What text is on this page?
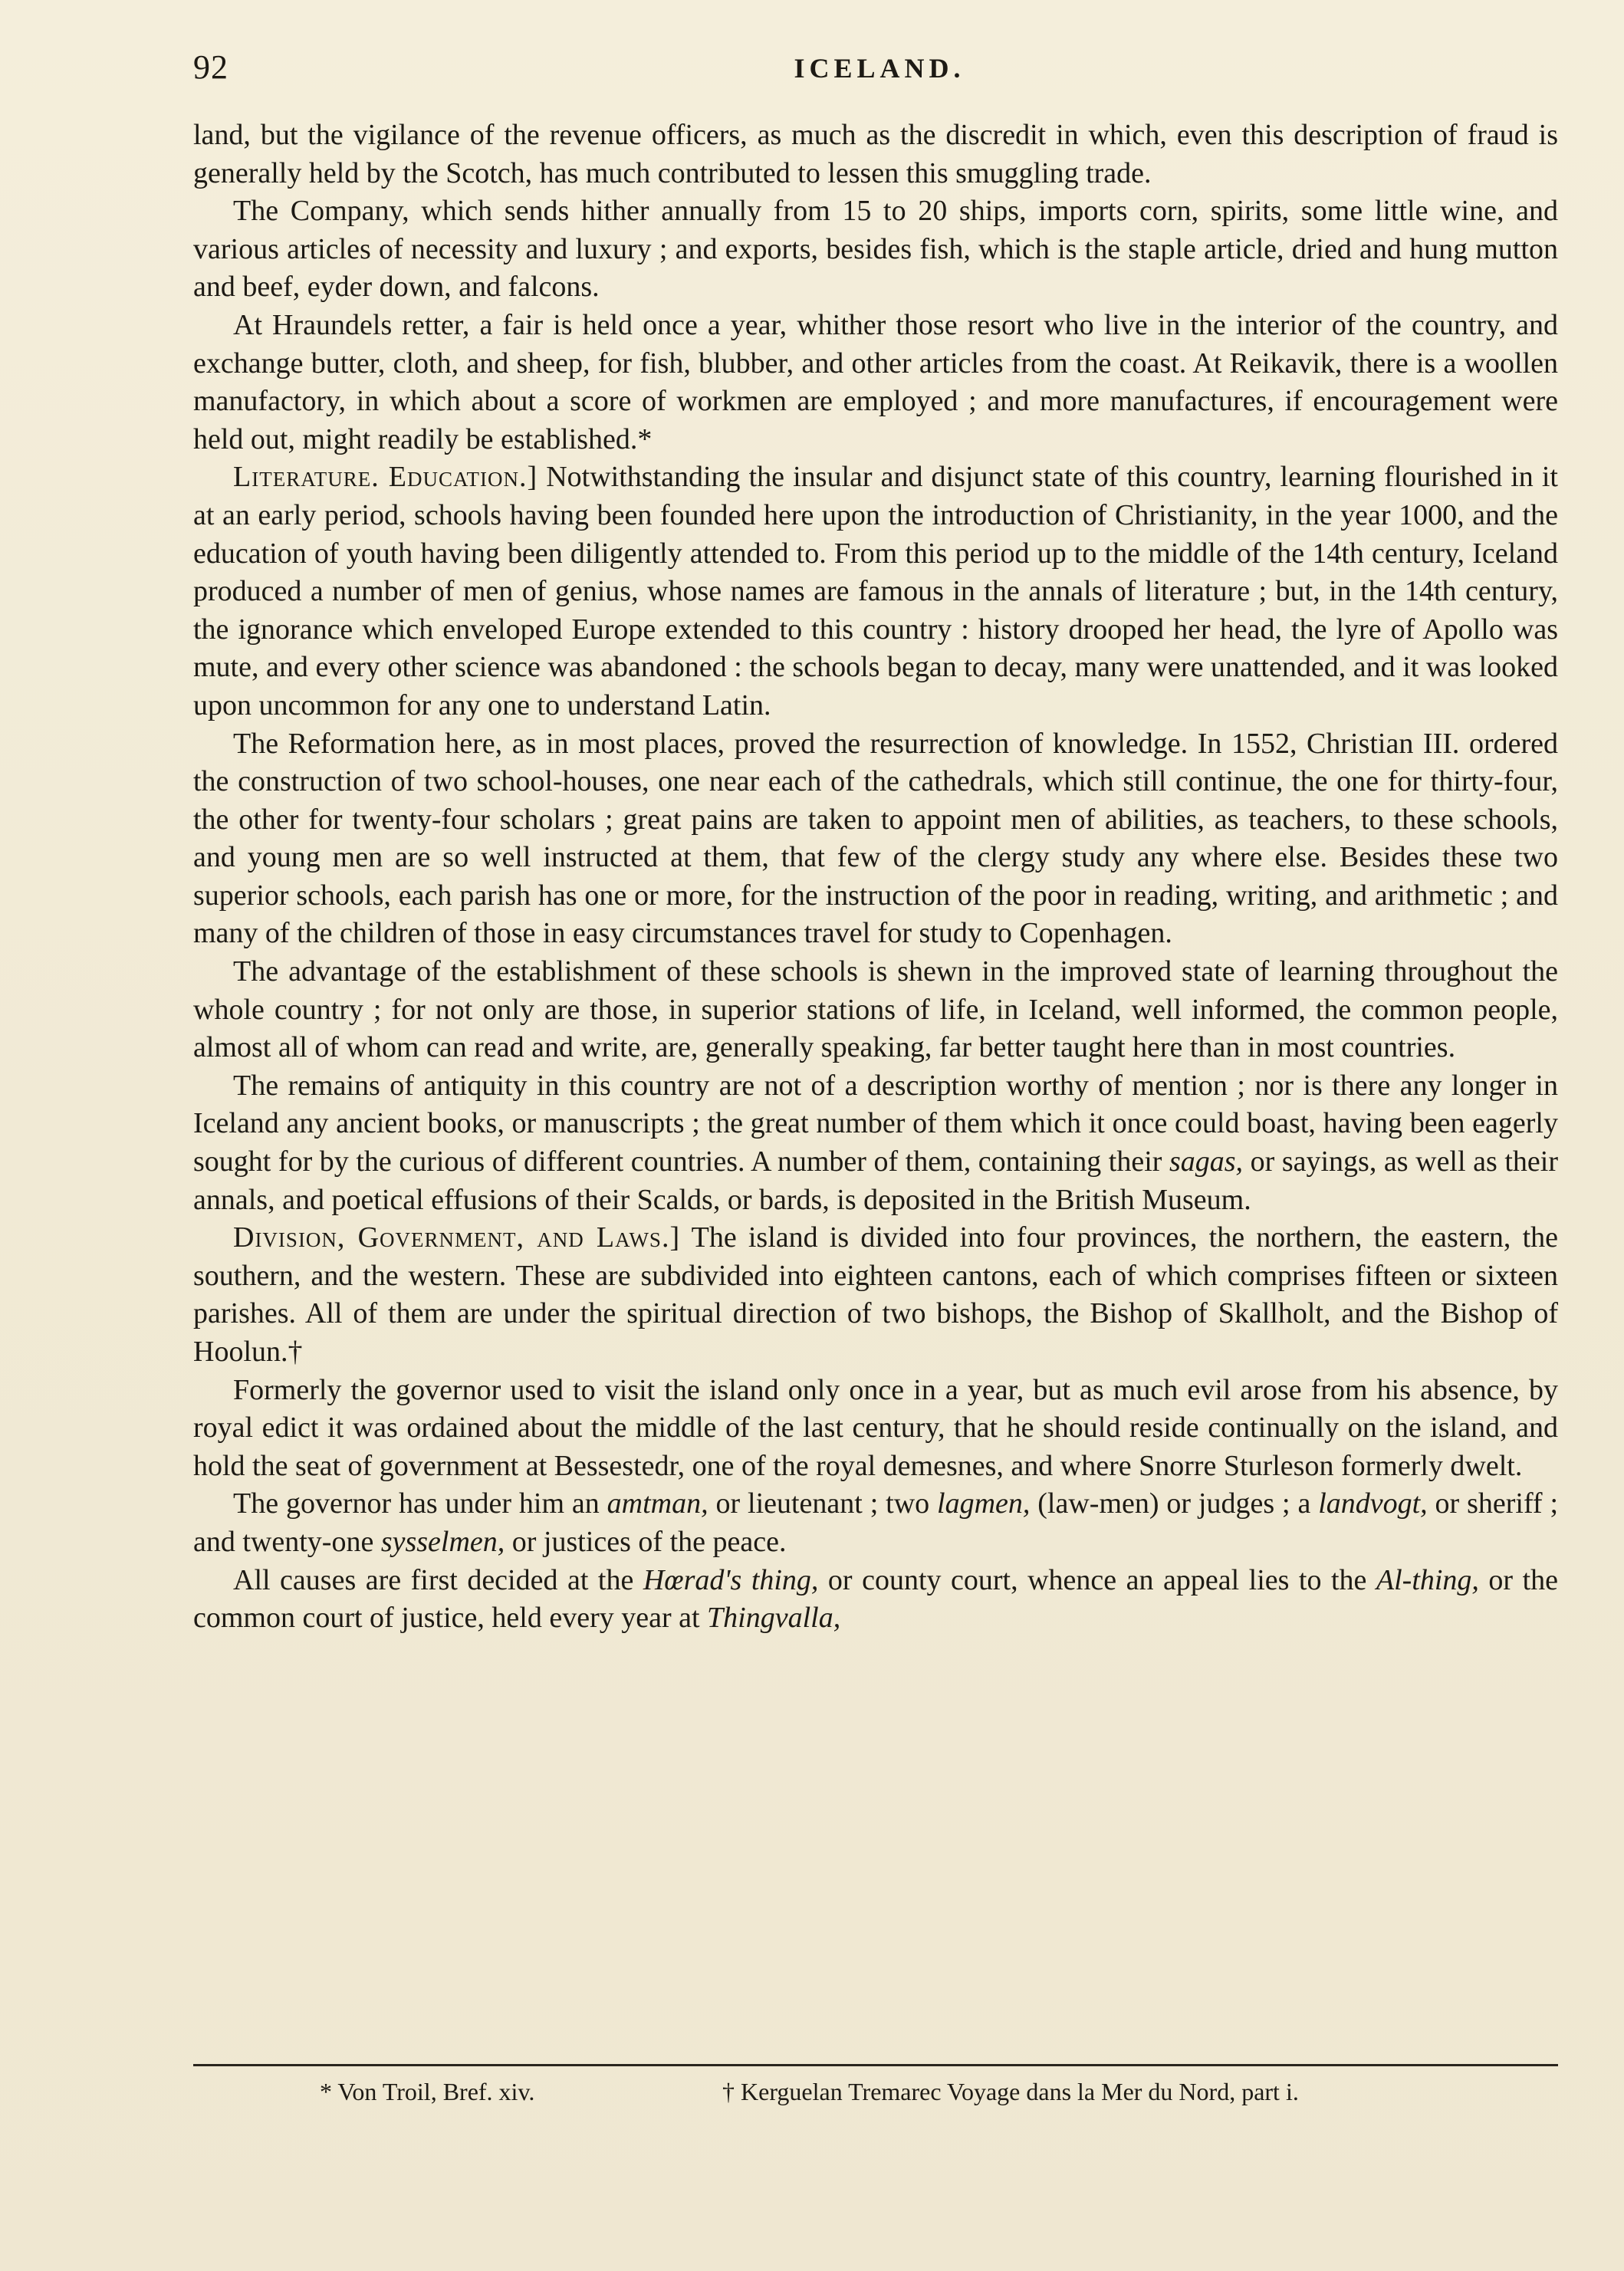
92	ICELAND.

land, but the vigilance of the revenue officers, as much as the discredit in which, even this description of fraud is generally held by the Scotch, has much contributed to lessen this smuggling trade.

The Company, which sends hither annually from 15 to 20 ships, imports corn, spirits, some little wine, and various articles of necessity and luxury ; and exports, besides fish, which is the staple article, dried and hung mutton and beef, eyder down, and falcons.

At Hraundels retter, a fair is held once a year, whither those resort who live in the interior of the country, and exchange butter, cloth, and sheep, for fish, blubber, and other articles from the coast. At Reikavik, there is a woollen manufactory, in which about a score of workmen are employed ; and more manufactures, if encouragement were held out, might readily be established.*

Literature. Education.] Notwithstanding the insular and disjunct state of this country, learning flourished in it at an early period, schools having been founded here upon the introduction of Christianity, in the year 1000, and the education of youth having been diligently attended to. From this period up to the middle of the 14th century, Iceland produced a number of men of genius, whose names are famous in the annals of literature ; but, in the 14th century, the ignorance which enveloped Europe extended to this country : history drooped her head, the lyre of Apollo was mute, and every other science was abandoned : the schools began to decay, many were unattended, and it was looked upon uncommon for any one to understand Latin.

The Reformation here, as in most places, proved the resurrection of knowledge. In 1552, Christian III. ordered the construction of two school-houses, one near each of the cathedrals, which still continue, the one for thirty-four, the other for twenty-four scholars ; great pains are taken to appoint men of abilities, as teachers, to these schools, and young men are so well instructed at them, that few of the clergy study any where else. Besides these two superior schools, each parish has one or more, for the instruction of the poor in reading, writing, and arithmetic ; and many of the children of those in easy circumstances travel for study to Copenhagen.

The advantage of the establishment of these schools is shewn in the improved state of learning throughout the whole country ; for not only are those, in superior stations of life, in Iceland, well informed, the common people, almost all of whom can read and write, are, generally speaking, far better taught here than in most countries.

The remains of antiquity in this country are not of a description worthy of mention ; nor is there any longer in Iceland any ancient books, or manuscripts ; the great number of them which it once could boast, having been eagerly sought for by the curious of different countries. A number of them, containing their sagas, or sayings, as well as their annals, and poetical effusions of their Scalds, or bards, is deposited in the British Museum.

Division, Government, and Laws.] The island is divided into four provinces, the northern, the eastern, the southern, and the western. These are subdivided into eighteen cantons, each of which comprises fifteen or sixteen parishes. All of them are under the spiritual direction of two bishops, the Bishop of Skallholt, and the Bishop of Hoolun.†

Formerly the governor used to visit the island only once in a year, but as much evil arose from his absence, by royal edict it was ordained about the middle of the last century, that he should reside continually on the island, and hold the seat of government at Bessestedr, one of the royal demesnes, and where Snorre Sturleson formerly dwelt.

The governor has under him an amtman, or lieutenant ; two lagmen, (law-men) or judges ; a landvogt, or sheriff ; and twenty-one sysselmen, or justices of the peace.

All causes are first decided at the Hœrad's thing, or county court, whence an appeal lies to the Al-thing, or the common court of justice, held every year at Thingvalla,

* Von Troil, Bref. xiv.	† Kerguelan Tremarec Voyage dans la Mer du Nord, part i.
